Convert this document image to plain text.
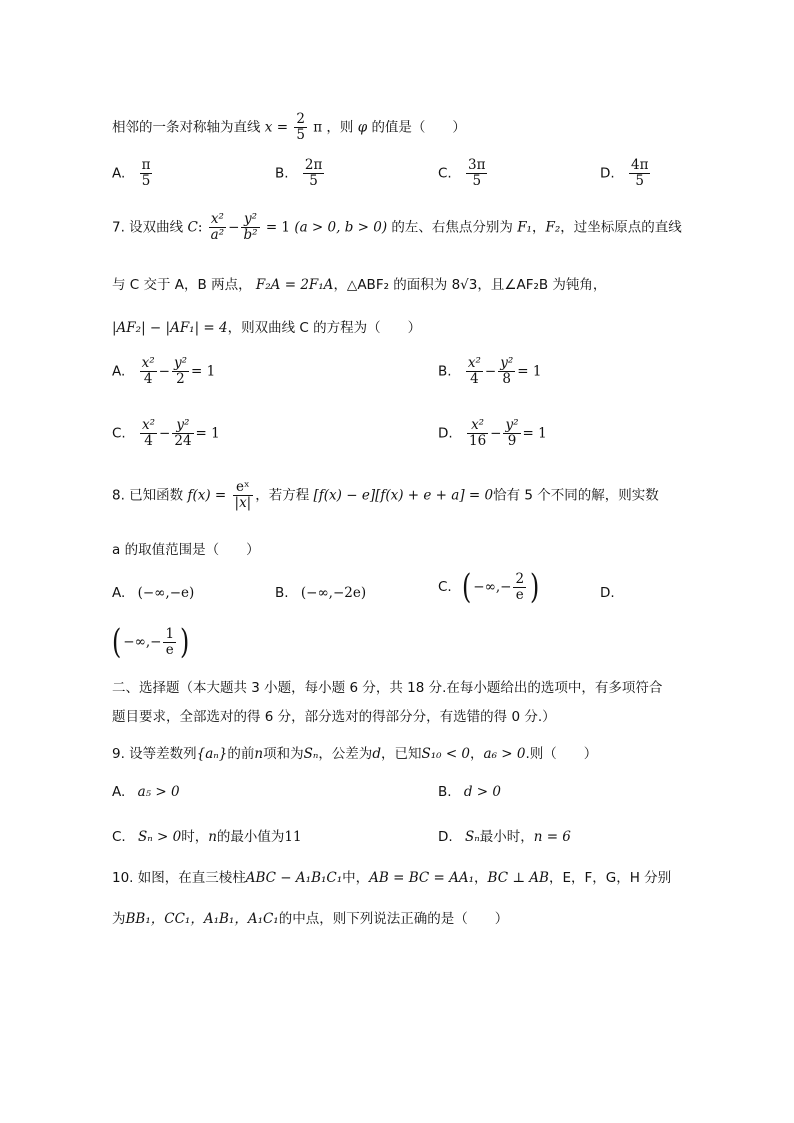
相邻的一条对称轴为直线 $x = \frac{2}{5}$ π ，则 φ 的值是（　　）
A. $\frac{\pi}{5}$	B. $\frac{2\pi}{5}$	C. $\frac{3\pi}{5}$	D. $\frac{4\pi}{5}$
7. 设双曲线 C: $\frac{\text{x²}}{\text{a²}} - \frac{\text{y²}}{\text{b²}} = 1$ (a > 0, b > 0) 的左、右焦点分别为 F₁，F₂，过坐标原点的直线
与 C 交于 A，B 两点， F₂A = 2F₁A，△ABF₂ 的面积为 8√3，且∠AF₂B 为钝角，
|AF₂| − |AF₁| = 4，则双曲线 C 的方程为（　　）
A. $\frac{\text{x²}}{4} - \frac{\text{y²}}{2} = 1$	B. $\frac{\text{x²}}{4} - \frac{\text{y²}}{8} = 1$
C. $\frac{\text{x²}}{4} - \frac{\text{y²}}{24} = 1$	D. $\frac{\text{x²}}{16} - \frac{\text{y²}}{9} = 1$
8. 已知函数 $f(x) = \frac{\text{eˣ}}{|x|}$ ，若方程 [f(x) − e][f(x) + e + a] = 0恰有 5 个不同的解，则实数
a 的取值范围是（　　）
A. (−∞,−e)	B. (−∞,−2e)	C. ( −∞,− $\frac{2}{e}$ )	D.
( −∞,− $\frac{1}{e}$ )
二、选择题（本大题共 3 小题，每小题 6 分，共 18 分.在每小题给出的选项中，有多项符合
题目要求，全部选对的得 6 分，部分选对的得部分分，有选错的得 0 分.）
9. 设等差数列{aₙ}的前n项和为Sₙ，公差为d，已知S₁₀ < 0，a₆ > 0.则（　　）
A. a₅ > 0	B. d > 0
C. Sₙ > 0时，n的最小值为11	D. Sₙ最小时，n = 6
10. 如图，在直三棱柱ABC − A₁B₁C₁中，AB = BC = AA₁，BC ⊥ AB，E，F，G，H 分别
为BB₁，CC₁，A₁B₁，A₁C₁的中点，则下列说法正确的是（　　）
